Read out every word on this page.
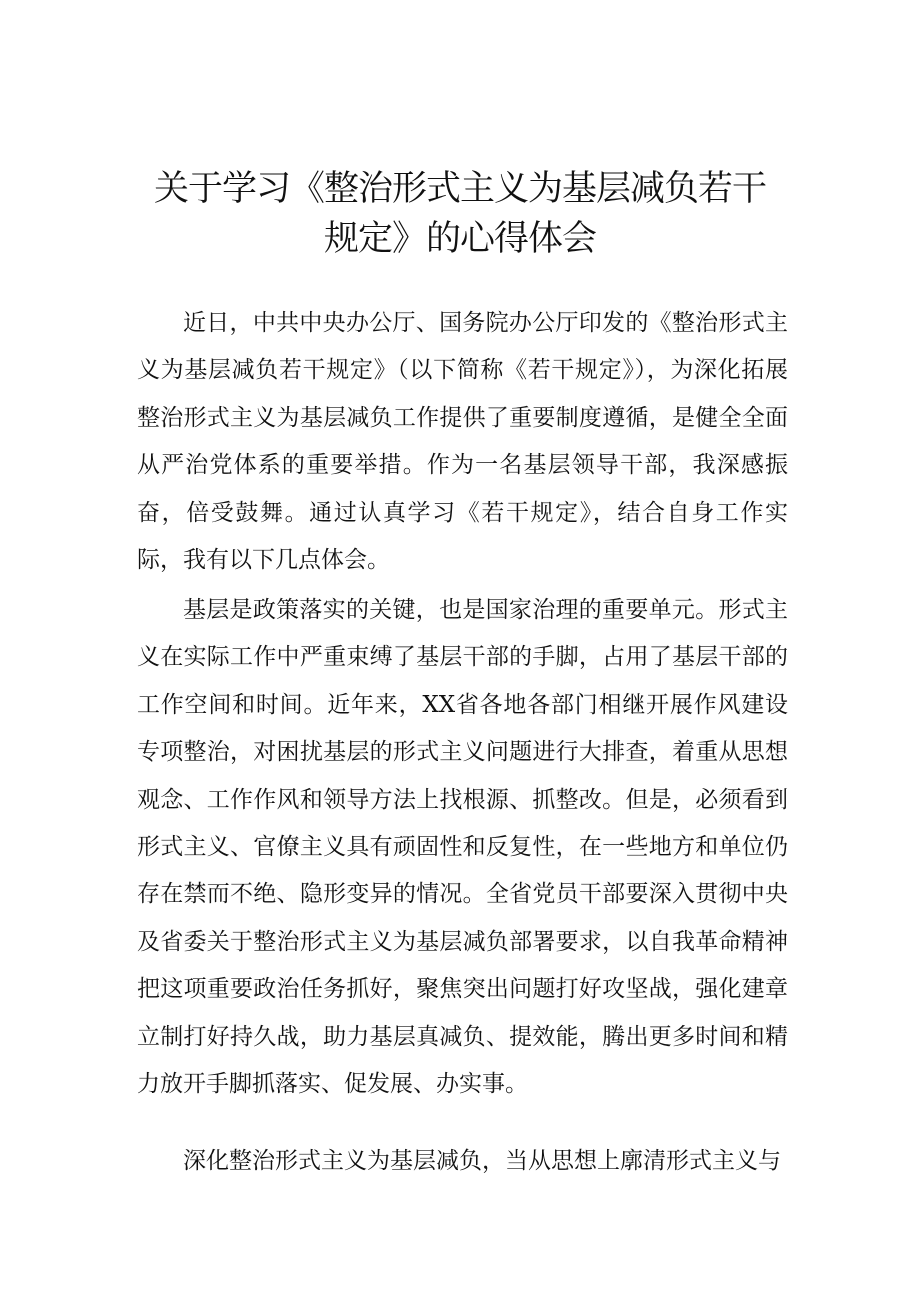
关于学习《整治形式主义为基层减负若干
规定》的心得体会

近日，中共中央办公厅、国务院办公厅印发的《整治形式主义为基层减负若干规定》（以下简称《若干规定》），为深化拓展整治形式主义为基层减负工作提供了重要制度遵循，是健全全面从严治党体系的重要举措。作为一名基层领导干部，我深感振奋，倍受鼓舞。通过认真学习《若干规定》，结合自身工作实际，我有以下几点体会。

基层是政策落实的关键，也是国家治理的重要单元。形式主义在实际工作中严重束缚了基层干部的手脚，占用了基层干部的工作空间和时间。近年来，XX省各地各部门相继开展作风建设专项整治，对困扰基层的形式主义问题进行大排查，着重从思想观念、工作作风和领导方法上找根源、抓整改。但是，必须看到形式主义、官僚主义具有顽固性和反复性，在一些地方和单位仍存在禁而不绝、隐形变异的情况。全省党员干部要深入贯彻中央及省委关于整治形式主义为基层减负部署要求，以自我革命精神把这项重要政治任务抓好，聚焦突出问题打好攻坚战，强化建章立制打好持久战，助力基层真减负、提效能，腾出更多时间和精力放开手脚抓落实、促发展、办实事。

深化整治形式主义为基层减负，当从思想上廓清形式主义与
